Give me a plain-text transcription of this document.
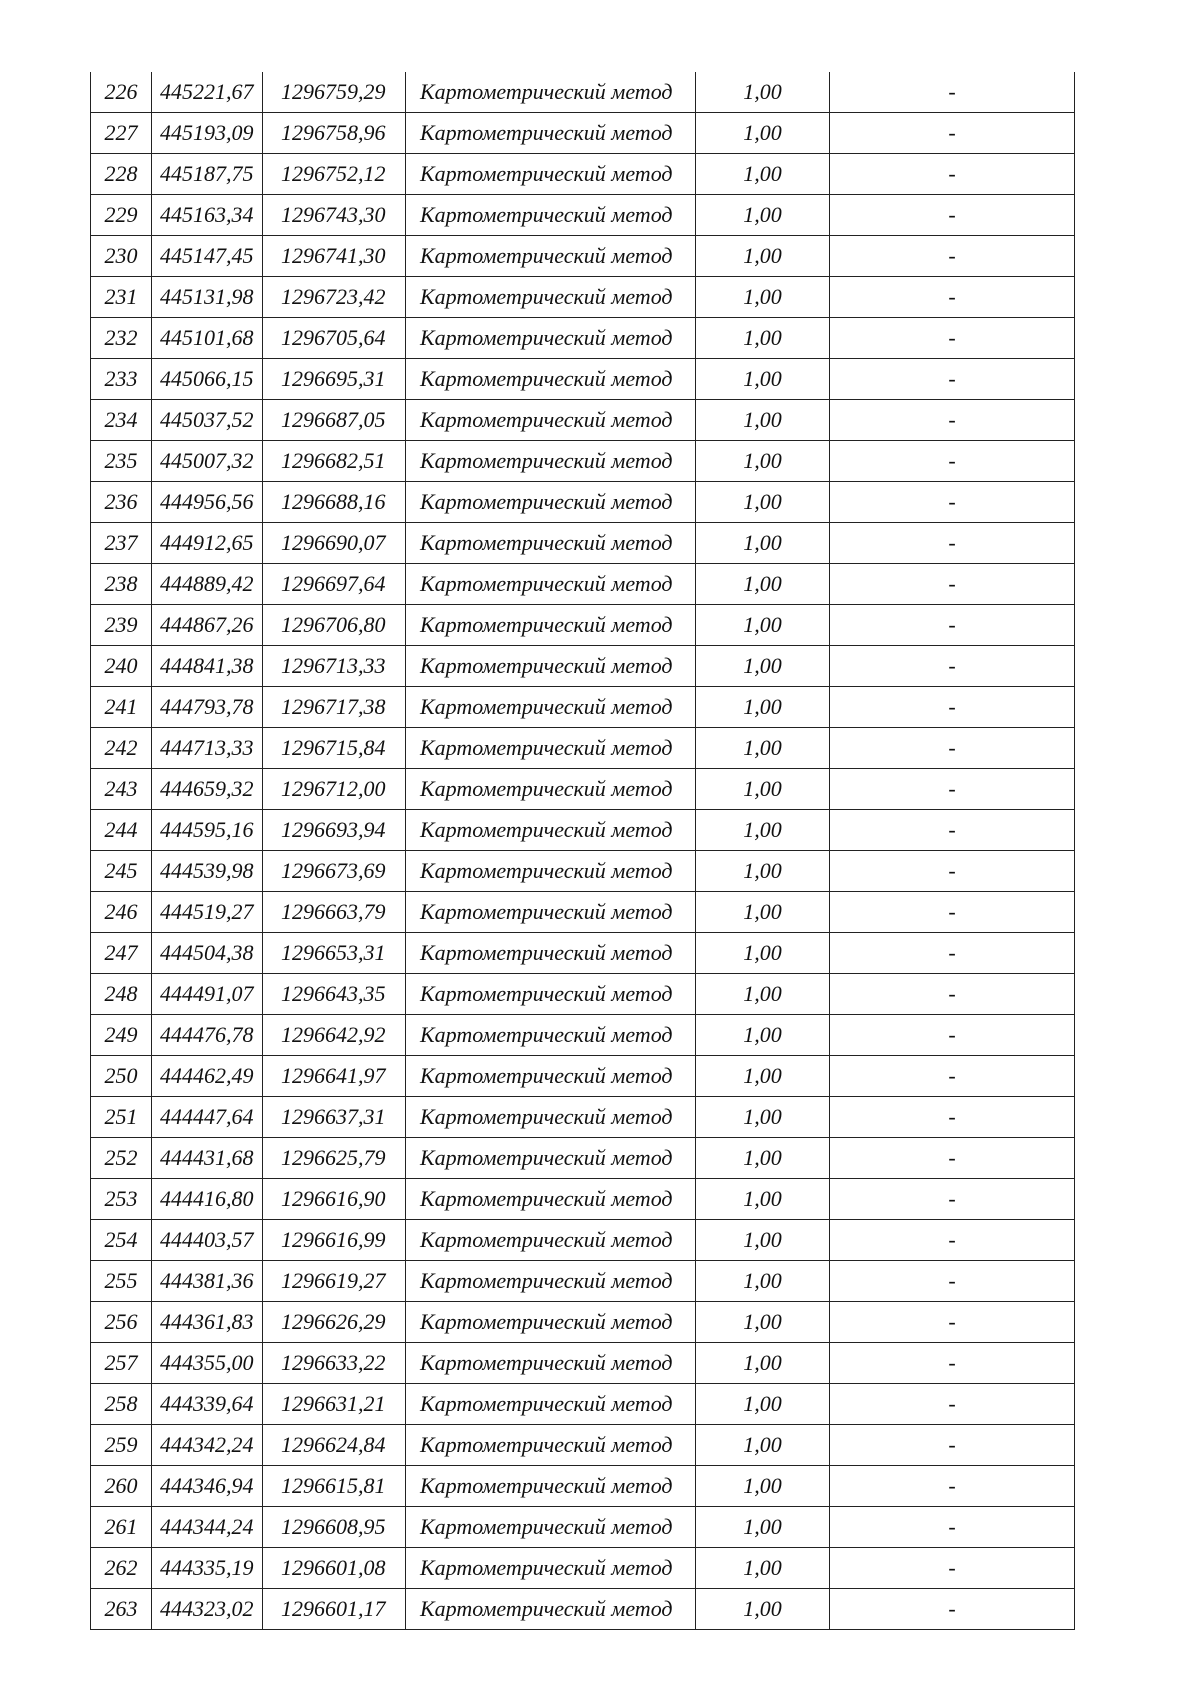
226	445221,67	1296759,29	Картометрический метод	1,00	-
227	445193,09	1296758,96	Картометрический метод	1,00	-
228	445187,75	1296752,12	Картометрический метод	1,00	-
229	445163,34	1296743,30	Картометрический метод	1,00	-
230	445147,45	1296741,30	Картометрический метод	1,00	-
231	445131,98	1296723,42	Картометрический метод	1,00	-
232	445101,68	1296705,64	Картометрический метод	1,00	-
233	445066,15	1296695,31	Картометрический метод	1,00	-
234	445037,52	1296687,05	Картометрический метод	1,00	-
235	445007,32	1296682,51	Картометрический метод	1,00	-
236	444956,56	1296688,16	Картометрический метод	1,00	-
237	444912,65	1296690,07	Картометрический метод	1,00	-
238	444889,42	1296697,64	Картометрический метод	1,00	-
239	444867,26	1296706,80	Картометрический метод	1,00	-
240	444841,38	1296713,33	Картометрический метод	1,00	-
241	444793,78	1296717,38	Картометрический метод	1,00	-
242	444713,33	1296715,84	Картометрический метод	1,00	-
243	444659,32	1296712,00	Картометрический метод	1,00	-
244	444595,16	1296693,94	Картометрический метод	1,00	-
245	444539,98	1296673,69	Картометрический метод	1,00	-
246	444519,27	1296663,79	Картометрический метод	1,00	-
247	444504,38	1296653,31	Картометрический метод	1,00	-
248	444491,07	1296643,35	Картометрический метод	1,00	-
249	444476,78	1296642,92	Картометрический метод	1,00	-
250	444462,49	1296641,97	Картометрический метод	1,00	-
251	444447,64	1296637,31	Картометрический метод	1,00	-
252	444431,68	1296625,79	Картометрический метод	1,00	-
253	444416,80	1296616,90	Картометрический метод	1,00	-
254	444403,57	1296616,99	Картометрический метод	1,00	-
255	444381,36	1296619,27	Картометрический метод	1,00	-
256	444361,83	1296626,29	Картометрический метод	1,00	-
257	444355,00	1296633,22	Картометрический метод	1,00	-
258	444339,64	1296631,21	Картометрический метод	1,00	-
259	444342,24	1296624,84	Картометрический метод	1,00	-
260	444346,94	1296615,81	Картометрический метод	1,00	-
261	444344,24	1296608,95	Картометрический метод	1,00	-
262	444335,19	1296601,08	Картометрический метод	1,00	-
263	444323,02	1296601,17	Картометрический метод	1,00	-
